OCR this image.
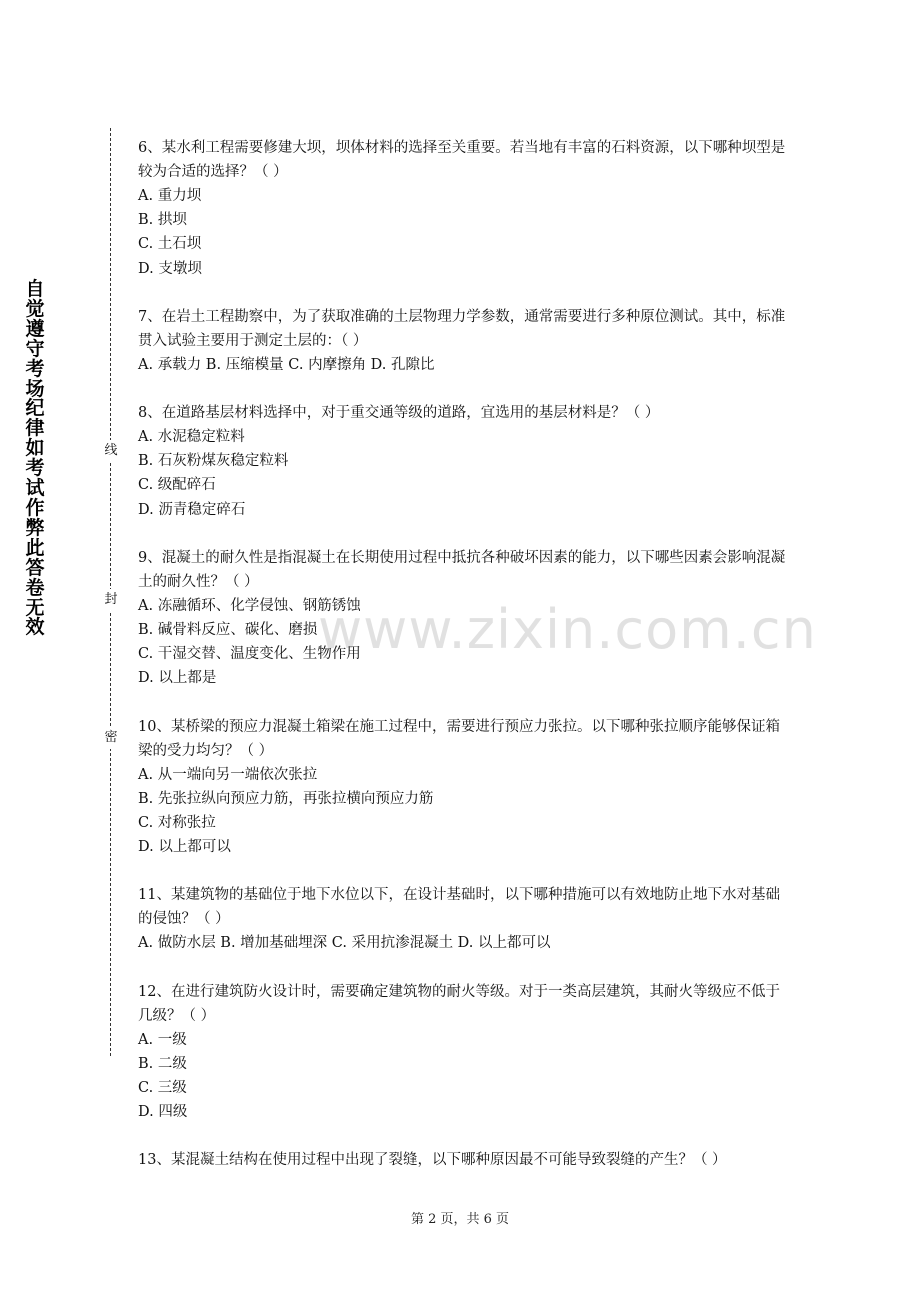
自觉遵守考场纪律如考试作弊此答卷无效
线
封
密
www.zixin.com.cn
6、某水利工程需要修建大坝，坝体材料的选择至关重要。若当地有丰富的石料资源，以下哪种坝型是较为合适的选择？（ ）
A. 重力坝
B. 拱坝
C. 土石坝
D. 支墩坝
7、在岩土工程勘察中，为了获取准确的土层物理力学参数，通常需要进行多种原位测试。其中，标准贯入试验主要用于测定土层的：（ ）
A. 承载力 B. 压缩模量 C. 内摩擦角 D. 孔隙比
8、在道路基层材料选择中，对于重交通等级的道路，宜选用的基层材料是？（ ）
A. 水泥稳定粒料
B. 石灰粉煤灰稳定粒料
C. 级配碎石
D. 沥青稳定碎石
9、混凝土的耐久性是指混凝土在长期使用过程中抵抗各种破坏因素的能力，以下哪些因素会影响混凝土的耐久性？（ ）
A. 冻融循环、化学侵蚀、钢筋锈蚀
B. 碱骨料反应、碳化、磨损
C. 干湿交替、温度变化、生物作用
D. 以上都是
10、某桥梁的预应力混凝土箱梁在施工过程中，需要进行预应力张拉。以下哪种张拉顺序能够保证箱梁的受力均匀？（ ）
A. 从一端向另一端依次张拉
B. 先张拉纵向预应力筋，再张拉横向预应力筋
C. 对称张拉
D. 以上都可以
11、某建筑物的基础位于地下水位以下，在设计基础时，以下哪种措施可以有效地防止地下水对基础的侵蚀？（ ）
A. 做防水层 B. 增加基础埋深 C. 采用抗渗混凝土 D. 以上都可以
12、在进行建筑防火设计时，需要确定建筑物的耐火等级。对于一类高层建筑，其耐火等级应不低于几级？（ ）
A. 一级
B. 二级
C. 三级
D. 四级
13、某混凝土结构在使用过程中出现了裂缝，以下哪种原因最不可能导致裂缝的产生？（ ）
第 2 页，共 6 页
